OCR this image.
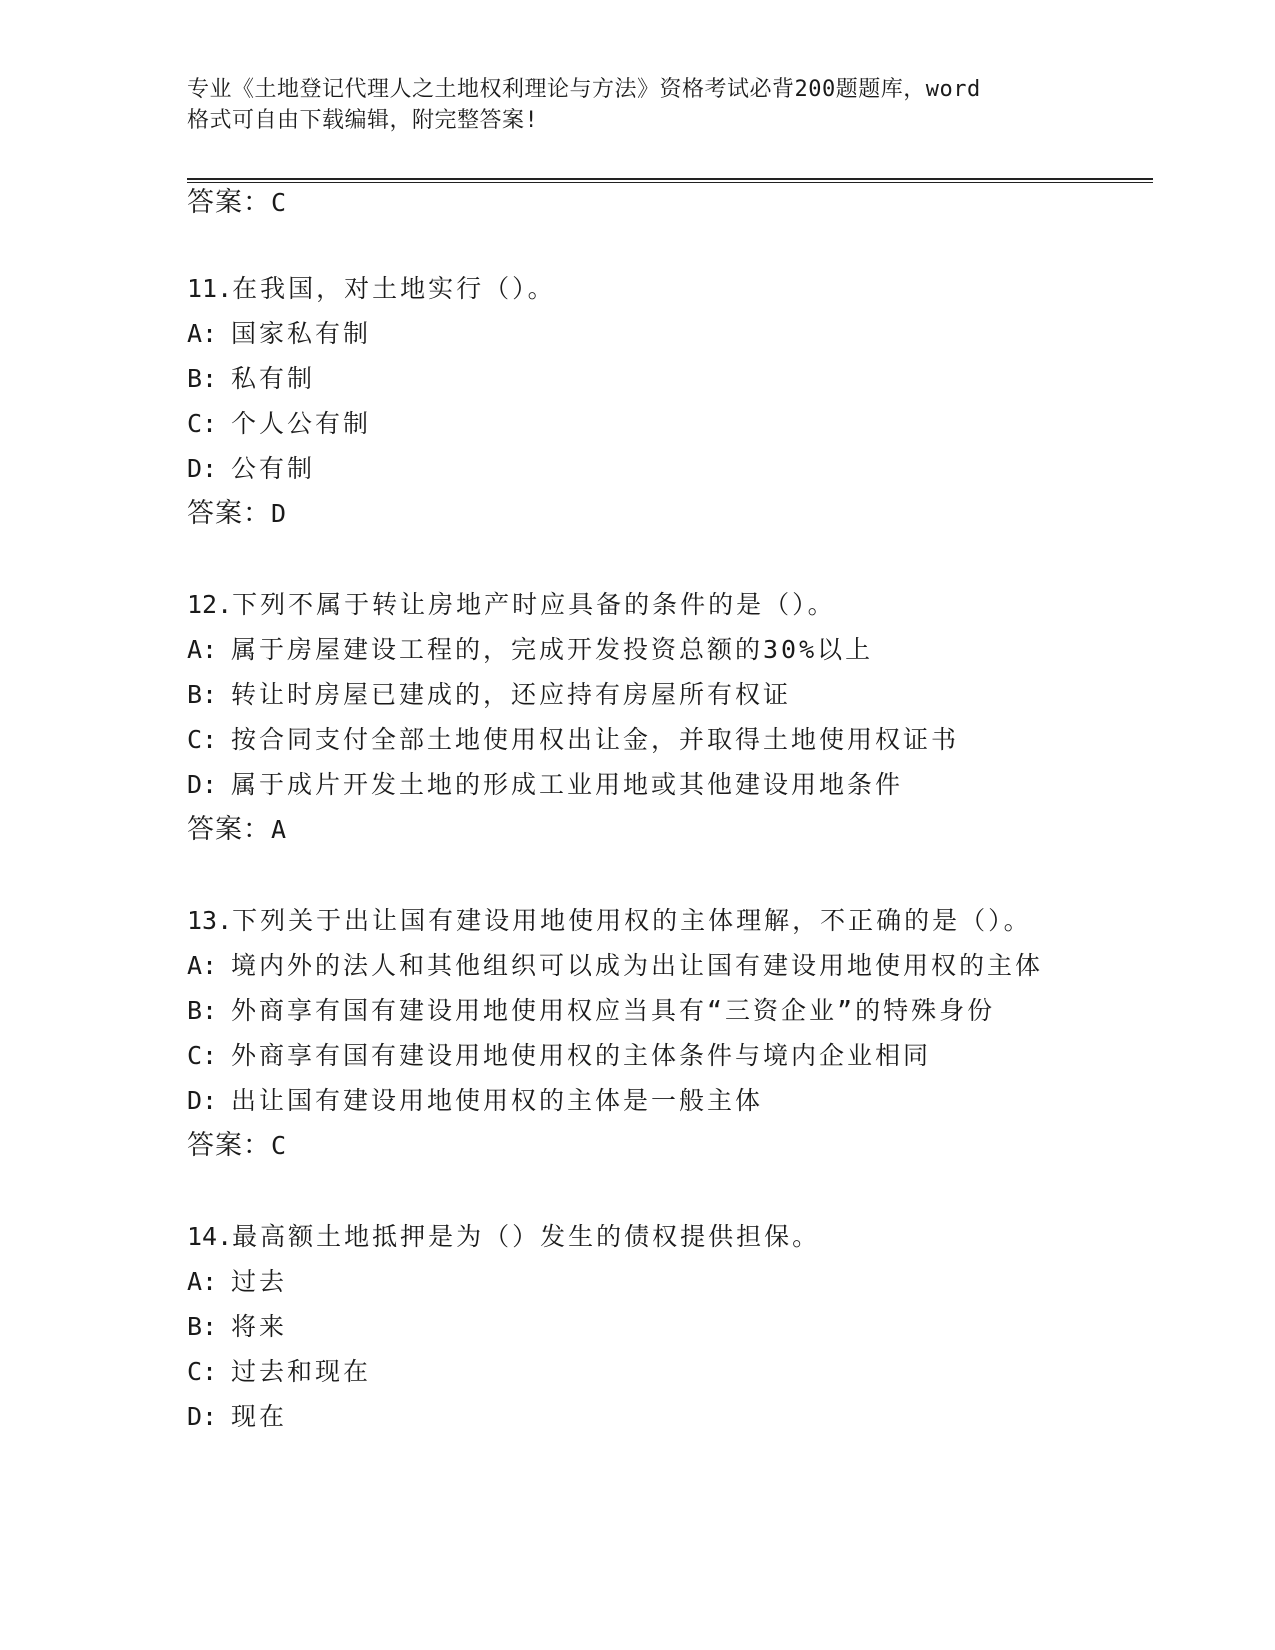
专业《土地登记代理人之土地权利理论与方法》资格考试必背200题题库，word
格式可自由下载编辑，附完整答案!
答案：C
11.在我国，对土地实行（）。
A: 国家私有制
B: 私有制
C: 个人公有制
D: 公有制
答案：D
12.下列不属于转让房地产时应具备的条件的是（）。
A: 属于房屋建设工程的，完成开发投资总额的30%以上
B: 转让时房屋已建成的，还应持有房屋所有权证
C: 按合同支付全部土地使用权出让金，并取得土地使用权证书
D: 属于成片开发土地的形成工业用地或其他建设用地条件
答案：A
13.下列关于出让国有建设用地使用权的主体理解，不正确的是（）。
A: 境内外的法人和其他组织可以成为出让国有建设用地使用权的主体
B: 外商享有国有建设用地使用权应当具有“三资企业”的特殊身份
C: 外商享有国有建设用地使用权的主体条件与境内企业相同
D: 出让国有建设用地使用权的主体是一般主体
答案：C
14.最高额土地抵押是为（）发生的债权提供担保。
A: 过去
B: 将来
C: 过去和现在
D: 现在
